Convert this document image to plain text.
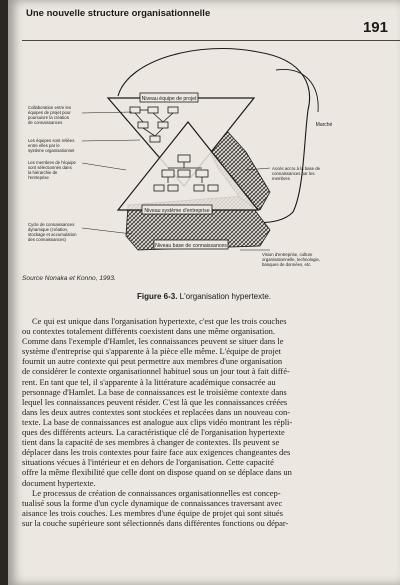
Une nouvelle structure organisationnelle
191
Niveau équipe de projet
Niveau système d'entreprise
Niveau base de connaissances
Marché
Collaboration entre les
équipes de projet pour
poursuivre la création
de connaissances
Les équipes sont reliées
entre elles par le
système organisationnel
Les membres de l'équipe
sont sélectionnés dans
la hiérarchie de
l'entreprise
Cycle de connaissances
dynamique (création,
stockage et accumulation
des connaissances)
Accès accru à la base de
connaissances par les
membres
Vision d'entreprise, culture
organisationnelle, technologie,
banques de données, etc.
Source Nonaka et Konno, 1993.
Figure 6-3. L'organisation hypertexte.
Ce qui est unique dans l'organisation hypertexte, c'est que les trois couches
ou contextes totalement différents coexistent dans une même organisation.
Comme dans l'exemple d'Hamlet, les connaissances peuvent se situer dans le
système d'entreprise qui s'apparente à la pièce elle même. L'équipe de projet
fournit un autre contexte qui peut permettre aux membres d'une organisation
de considérer le contexte organisationnel habituel sous un jour tout à fait diffé-
rent. En tant que tel, il s'apparente à la littérature académique consacrée au
personnage d'Hamlet. La base de connaissances est le troisième contexte dans
lequel les connaissances peuvent résider. C'est là que les connaissances créées
dans les deux autres contextes sont stockées et replacées dans un nouveau con-
texte. La base de connaissances est analogue aux clips vidéo montrant les répli-
ques des différents acteurs. La caractéristique clé de l'organisation hypertexte
tient dans la capacité de ses membres à changer de contextes. Ils peuvent se
déplacer dans les trois contextes pour faire face aux exigences changeantes des
situations vécues à l'intérieur et en dehors de l'organisation. Cette capacité
offre la même flexibilité que celle dont on dispose quand on se déplace dans un
document hypertexte.
Le processus de création de connaissances organisationnelles est concep-
tualisé sous la forme d'un cycle dynamique de connaissances traversant avec
aisance les trois couches. Les membres d'une équipe de projet qui sont situés
sur la couche supérieure sont sélectionnés dans différentes fonctions ou dépar-
